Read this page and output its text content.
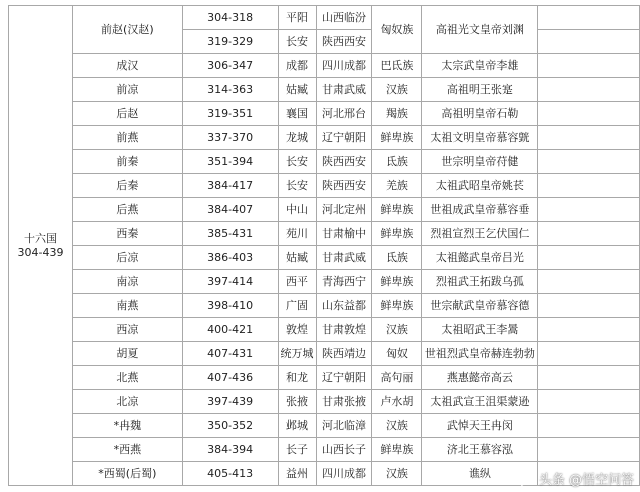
十六国
304-439	前赵(汉赵)	304-318	平阳	山西临汾	匈奴族	高祖光文皇帝刘渊	
		319-329	长安	陕西西安			
	成汉	306-347	成都	四川成都	巴氐族	太宗武皇帝李雄	
	前凉	314-363	姑臧	甘肃武威	汉族	高祖明王张寔	
	后赵	319-351	襄国	河北邢台	羯族	高祖明皇帝石勒	
	前燕	337-370	龙城	辽宁朝阳	鲜卑族	太祖文明皇帝慕容皝	
	前秦	351-394	长安	陕西西安	氐族	世宗明皇帝苻健	
	后秦	384-417	长安	陕西西安	羌族	太祖武昭皇帝姚苌	
	后燕	384-407	中山	河北定州	鲜卑族	世祖成武皇帝慕容垂	
	西秦	385-431	苑川	甘肃榆中	鲜卑族	烈祖宣烈王乞伏国仁	
	后凉	386-403	姑臧	甘肃武威	氐族	太祖懿武皇帝吕光	
	南凉	397-414	西平	青海西宁	鲜卑族	烈祖武王拓跋乌孤	
	南燕	398-410	广固	山东益都	鲜卑族	世宗献武皇帝慕容德	
	西凉	400-421	敦煌	甘肃敦煌	汉族	太祖昭武王李暠	
	胡夏	407-431	统万城	陕西靖边	匈奴	世祖烈武皇帝赫连勃勃	
	北燕	407-436	和龙	辽宁朝阳	高句丽	燕惠懿帝高云	
	北凉	397-439	张掖	甘肃张掖	卢水胡	太祖武宣王沮渠蒙逊	
	*冉魏	350-352	邺城	河北临漳	汉族	武悼天王冉闵	
	*西燕	384-394	长子	山西长子	鲜卑族	济北王慕容泓	
	*西蜀(后蜀)	405-413	益州	四川成都	汉族	谯纵		头条 @悟空问答
